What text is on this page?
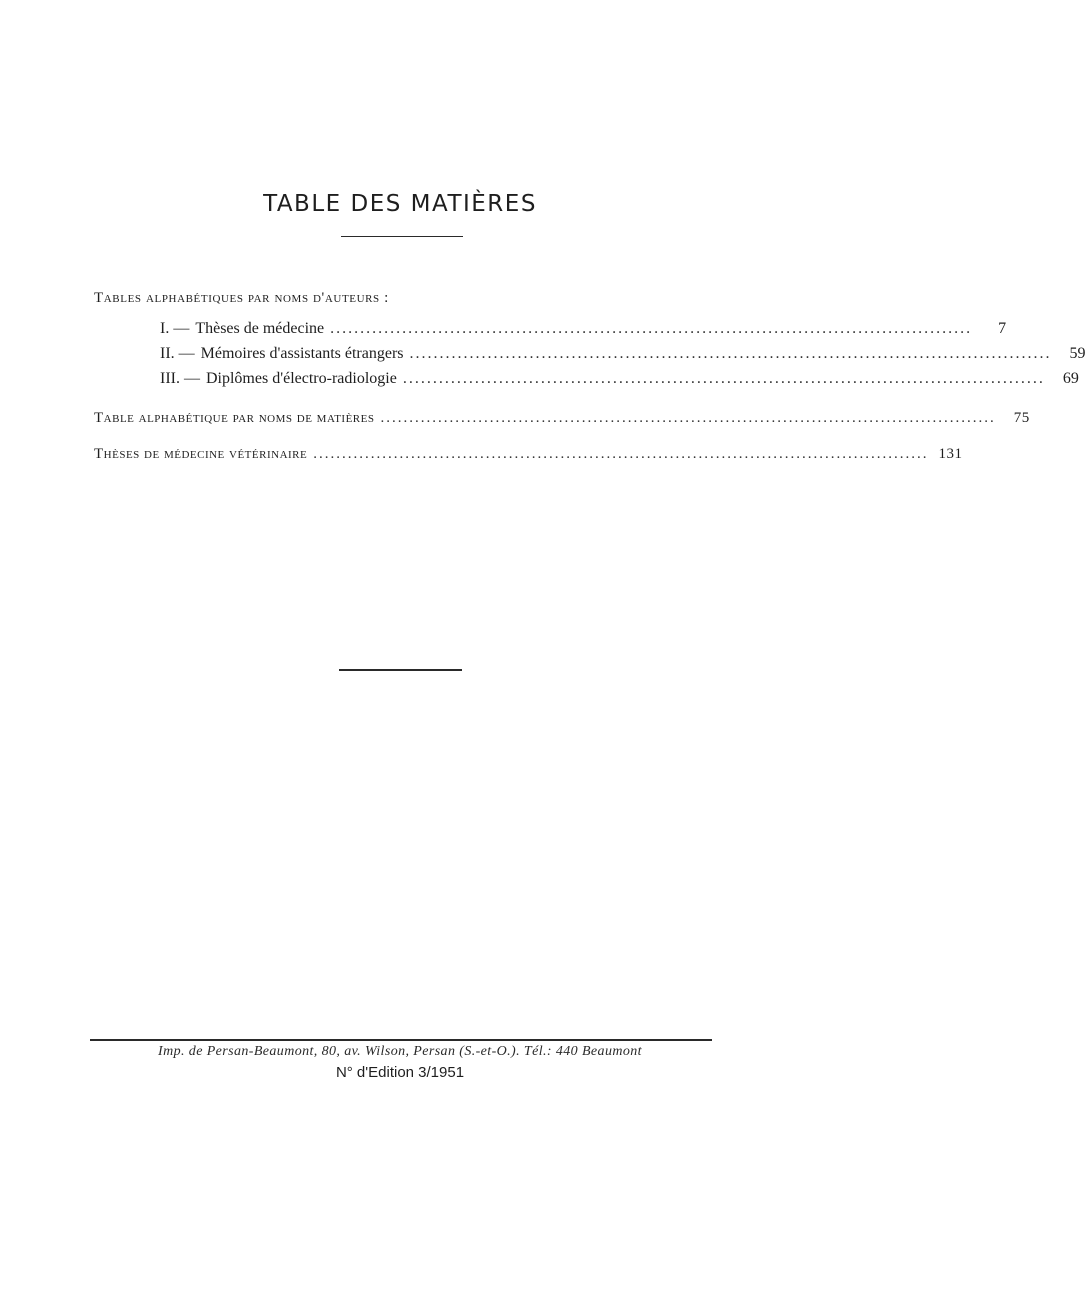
TABLE DES MATIÈRES
Tables alphabétiques par noms d'auteurs :
I. — Thèses de médecine ...........................................................................................................	7
II. — Mémoires d'assistants étrangers ...........................................................................................................	59
III. — Diplômes d'électro-radiologie ...........................................................................................................	69
Table alphabétique par noms de matières ...........................................................................................................	75
Thèses de médecine vétérinaire ........................................................................................................... 131
Imp. de Persan-Beaumont, 80, av. Wilson, Persan (S.-et-O.). Tél.: 440 Beaumont
N° d'Edition 3/1951
